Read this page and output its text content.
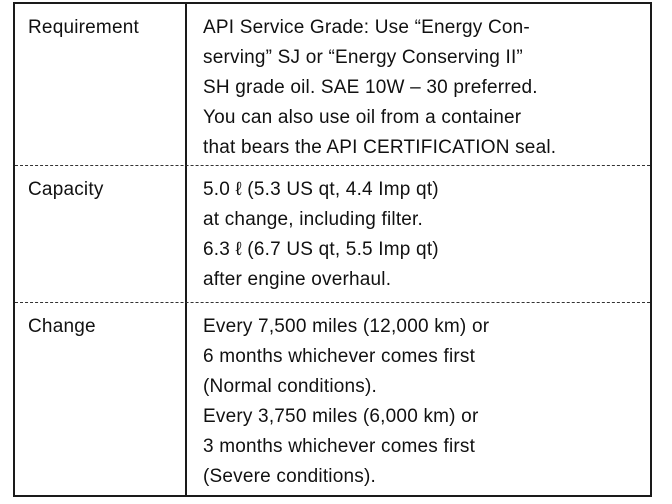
Requirement	API Service Grade: Use “Energy Con-
serving” SJ or “Energy Conserving II”
SH grade oil. SAE 10W – 30 preferred.
You can also use oil from a container
that bears the API CERTIFICATION seal.
Capacity	5.0 ℓ (5.3 US qt, 4.4 Imp qt)
at change, including filter.
6.3 ℓ (6.7 US qt, 5.5 Imp qt)
after engine overhaul.
Change	Every 7,500 miles (12,000 km) or
6 months whichever comes first
(Normal conditions).
Every 3,750 miles (6,000 km) or
3 months whichever comes first
(Severe conditions).
